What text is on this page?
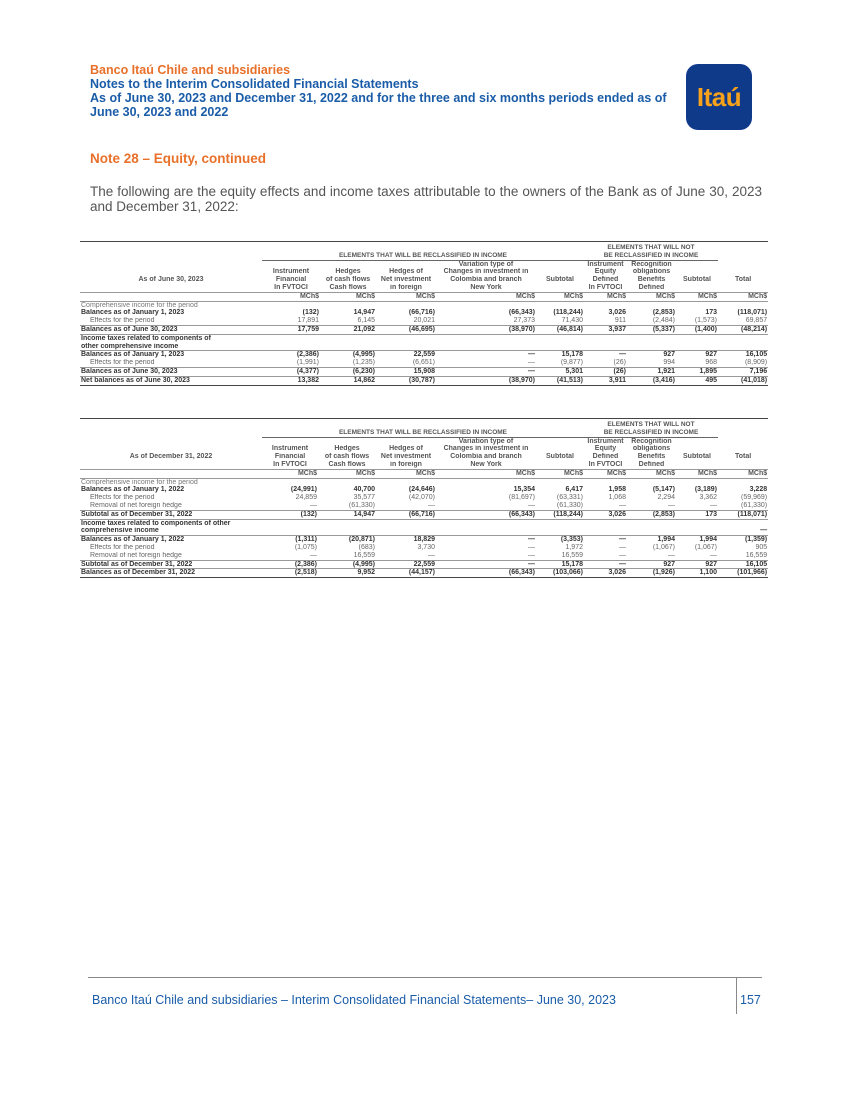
Banco Itaú Chile and subsidiaries
Notes to the Interim Consolidated Financial Statements
As of June 30, 2023 and December 31, 2022 and for the three and six months periods ended as of
June 30, 2023 and 2022
Itaú
Note 28 – Equity, continued
The following are the equity effects and income taxes attributable to the owners of the Bank as of June 30, 2023 and December 31, 2022:

						ELEMENTS THAT WILL NOT			
	ELEMENTS THAT WILL BE RECLASSIFIED IN INCOME					BE RECLASSIFIED IN INCOME			

				Variation type of		Instrument	Recognition		
	Instrument	Hedges	Hedges of	Changes in investment in		Equity	obligations		
As of June 30, 2023	Financial	of cash flows	Net investment	Colombia and branch	Subtotal	Defined	Benefits	Subtotal	Total
	In FVTOCI	Cash flows	in foreign	New York		In FVTOCI	Defined		
	MCh$	MCh$	MCh$	MCh$	MCh$	MCh$	MCh$	MCh$	MCh$
Comprehensive income for the period									
Balances as of January 1, 2023	(132)	14,947	(66,716)	(66,343)	(118,244)	3,026	(2,853)	173	(118,071)
Effects for the period	17,891	6,145	20,021	27,373	71,430	911	(2,484)	(1,573)	69,857
Balances as of June 30, 2023	17,759	21,092	(46,695)	(38,970)	(46,814)	3,937	(5,337)	(1,400)	(48,214)
Income taxes related to components of									
other comprehensive income									
Balances as of January 1, 2023	(2,386)	(4,995)	22,559	—	15,178	—	927	927	16,105
Effects for the period	(1,991)	(1,235)	(6,651)	—	(9,877)	(26)	994	968	(8,909)
Balances as of June 30, 2023	(4,377)	(6,230)	15,908	—	5,301	(26)	1,921	1,895	7,196
Net balances as of June 30, 2023	13,382	14,862	(30,787)	(38,970)	(41,513)	3,911	(3,416)	495	(41,018)

						ELEMENTS THAT WILL NOT			
	ELEMENTS THAT WILL BE RECLASSIFIED IN INCOME					BE RECLASSIFIED IN INCOME			
				Variation type of		Instrument	Recognition		
	Instrument	Hedges	Hedges of	Changes in investment in		Equity	obligations		
As of December 31, 2022	Financial	of cash flows	Net investment	Colombia and branch	Subtotal	Defined	Benefits	Subtotal	Total
	In FVTOCI	Cash flows	in foreign	New York		In FVTOCI	Defined		
	MCh$	MCh$	MCh$	MCh$	MCh$	MCh$	MCh$	MCh$	MCh$
Comprehensive income for the period									
Balances as of January 1, 2022	(24,991)	40,700	(24,646)	15,354	6,417	1,958	(5,147)	(3,189)	3,228
Effects for the period	24,859	35,577	(42,070)	(81,697)	(63,331)	1,068	2,294	3,362	(59,969)
Removal of net foreign hedge	—	(61,330)	—	—	(61,330)	—	—	—	(61,330)
Subtotal as of December 31, 2022	(132)	14,947	(66,716)	(66,343)	(118,244)	3,026	(2,853)	173	(118,071)
Income taxes related to components of other									
comprehensive income									—
Balances as of January 1, 2022	(1,311)	(20,871)	18,829	—	(3,353)	—	1,994	1,994	(1,359)
Effects for the period	(1,075)	(683)	3,730	—	1,972	—	(1,067)	(1,067)	905
Removal of net foreign hedge	—	16,559	—	—	16,559	—	—	—	16,559
Subtotal as of December 31, 2022	(2,386)	(4,995)	22,559	—	15,178	—	927	927	16,105
Balances as of December 31, 2022	(2,518)	9,952	(44,157)	(66,343)	(103,066)	3,026	(1,926)	1,100	(101,966)
Banco Itaú Chile and subsidiaries – Interim Consolidated Financial Statements– June 30, 2023	157
